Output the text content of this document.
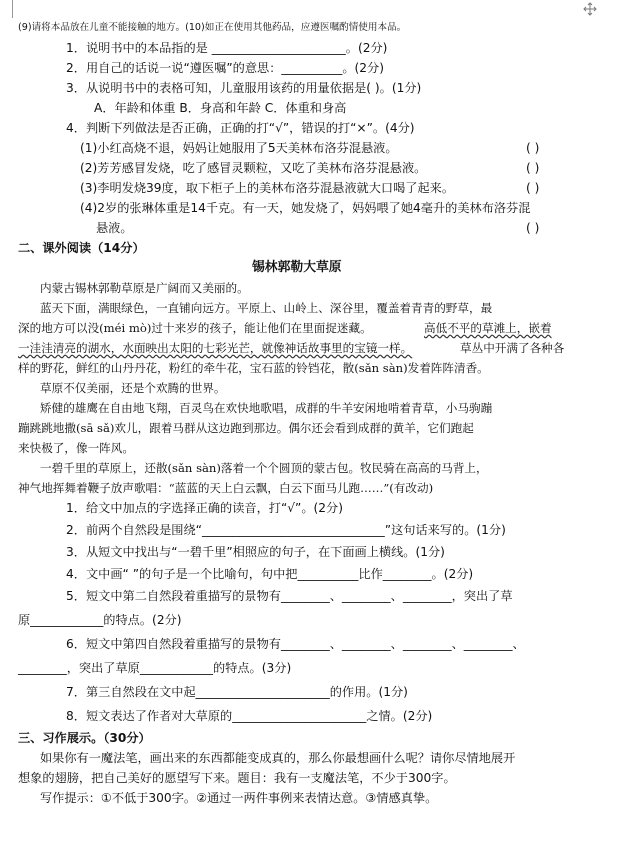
(9)请将本品放在儿童不能接触的地方。(10)如正在使用其他药品，应遵医嘱酌情使用本品。
1．说明书中的本品指的是 ______________________。(2分)
2．用自己的话说一说“遵医嘱”的意思：__________。(2分)
3．从说明书中的表格可知，儿童服用该药的用量依据是( )。(1分)
A．年龄和体重 B．身高和年龄 C．体重和身高
4．判断下列做法是否正确，正确的打“√”，错误的打“×”。(4分)
(1)小红高烧不退，妈妈让她服用了5天美林布洛芬混悬液。	( )
(2)芳芳感冒发烧，吃了感冒灵颗粒，又吃了美林布洛芬混悬液。	( )
(3)李明发烧39度，取下柜子上的美林布洛芬混悬液就大口喝了起来。	( )
(4)2岁的张琳体重是14千克。有一天，她发烧了，妈妈喂了她4毫升的美林布洛芬混
悬液。	( )
二、课外阅读（14分）
锡林郭勒大草原
内蒙古锡林郭勒草原是广阔而又美丽的。
蓝天下面，满眼绿色，一直铺向远方。平原上、山岭上、深谷里，覆盖着青青的野草，最
深的地方可以没(méi mò)过十来岁的孩子，能让他们在里面捉迷藏。	高低不平的草滩上，嵌着
一洼洼清亮的湖水，水面映出太阳的七彩光芒，就像神话故事里的宝镜一样。	草丛中开满了各种各
样的野花，鲜红的山丹丹花，粉红的牵牛花，宝石蓝的铃铛花，散(sǎn sàn)发着阵阵清香。
草原不仅美丽，还是个欢腾的世界。
矫健的雄鹰在自由地飞翔，百灵鸟在欢快地歌唱，成群的牛羊安闲地啃着青草，小马驹蹦
蹦跳跳地撒(sā sǎ)欢儿，跟着马群从这边跑到那边。偶尔还会看到成群的黄羊，它们跑起
来快极了，像一阵风。
一碧千里的草原上，还散(sǎn sàn)落着一个个圆顶的蒙古包。牧民骑在高高的马背上，
神气地挥舞着鞭子放声歌唱：“蓝蓝的天上白云飘，白云下面马儿跑……”(有改动)
1．给文中加点的字选择正确的读音，打“√”。(2分)
2．前两个自然段是围绕“______________________________”这句话来写的。(1分)
3．从短文中找出与“一碧千里”相照应的句子，在下面画上横线。(1分)
4．文中画“ ”的句子是一个比喻句，句中把__________比作________。(2分)
5．短文中第二自然段着重描写的景物有________、________、________，突出了草
原____________的特点。(2分)
6．短文中第四自然段着重描写的景物有________、________、________、________、
________，突出了草原____________的特点。(3分)
7．第三自然段在文中起______________________的作用。(1分)
8．短文表达了作者对大草原的______________________之情。(2分)
三、习作展示。（30分）
如果你有一魔法笔，画出来的东西都能变成真的，那么你最想画什么呢？请你尽情地展开
想象的翅膀，把自己美好的愿望写下来。题目：我有一支魔法笔，不少于300字。
写作提示：①不低于300字。②通过一两件事例来表情达意。③情感真挚。
